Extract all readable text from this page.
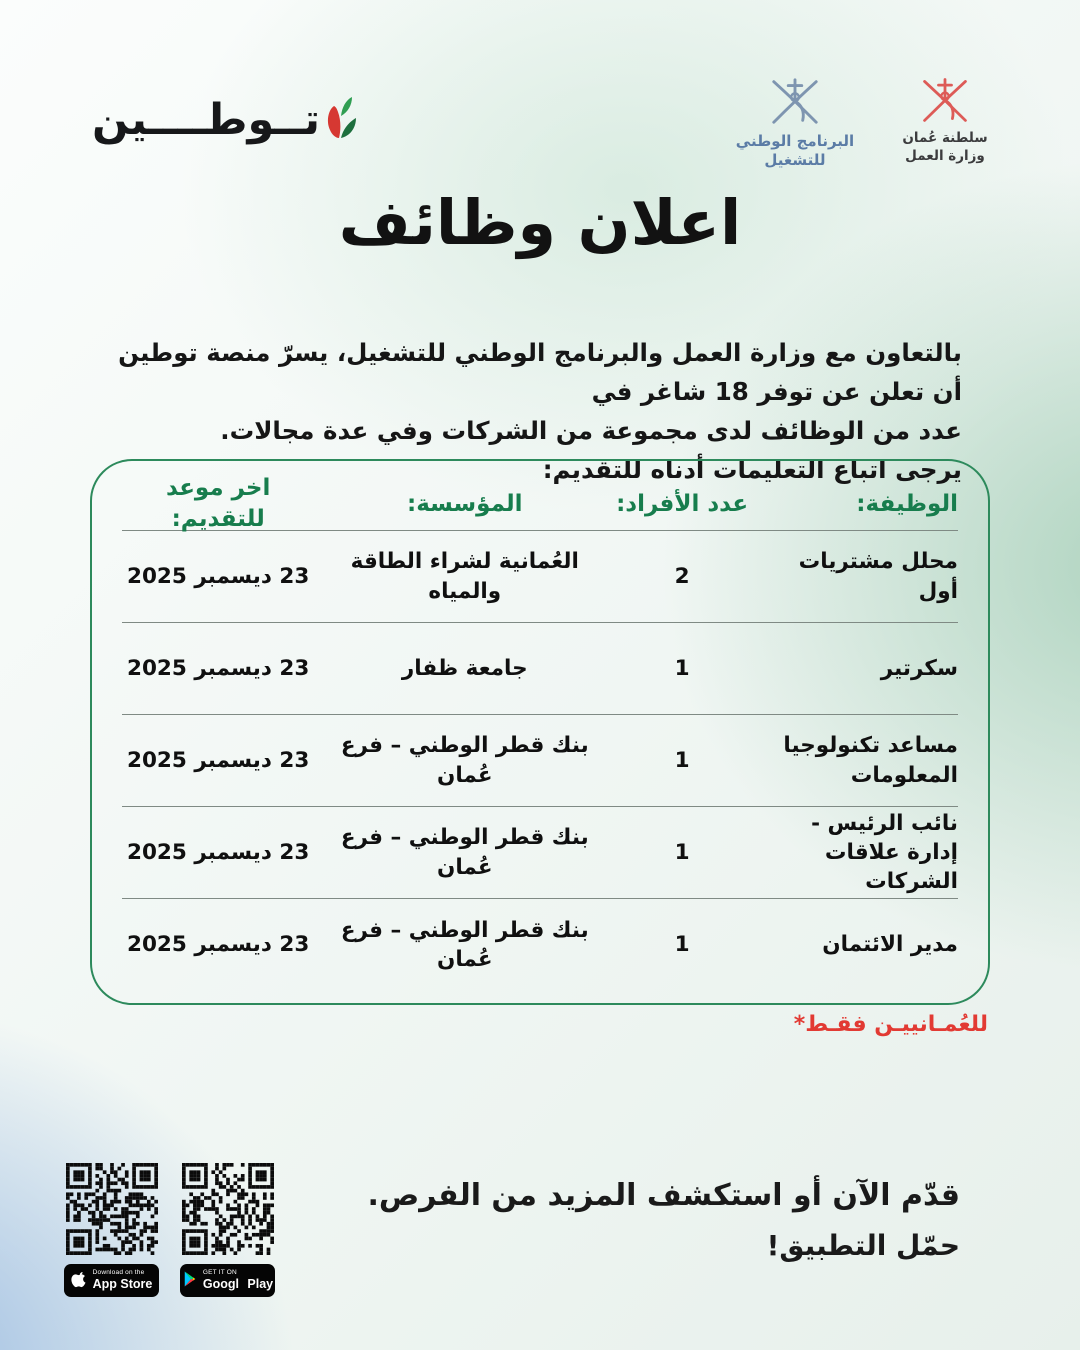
تــوطــــين	البرنامج الوطني
للتشغيل
سلطنة عُمان
وزارة العمل
اعلان وظائف
بالتعاون مع وزارة العمل والبرنامج الوطني للتشغيل، يسرّ منصة توطين أن تعلن عن توفر 18 شاغر في
عدد من الوظائف لدى مجموعة من الشركات وفي عدة مجالات.
يرجى اتباع التعليمات أدناه للتقديم:
الوظيفة:
عدد الأفراد:
المؤسسة:
اخر موعد للتقديم:
محلل مشتريات أول
2
العُمانية لشراء الطاقة والمياه
23 ديسمبر 2025
سكرتير
1
جامعة ظفار
23 ديسمبر 2025
مساعد تكنولوجيا المعلومات
1
بنك قطر الوطني – فرع عُمان
23 ديسمبر 2025
نائب الرئيس - إدارة علاقات الشركات
1
بنك قطر الوطني – فرع عُمان
23 ديسمبر 2025
مدير الائتمان
1
بنك قطر الوطني – فرع عُمان
23 ديسمبر 2025
للعُمـانييـن فقـط*
قدّم الآن أو استكشف المزيد من الفرص.
حمّل التطبيق!
Download on the
App Store
GET IT ON
Googl Play
